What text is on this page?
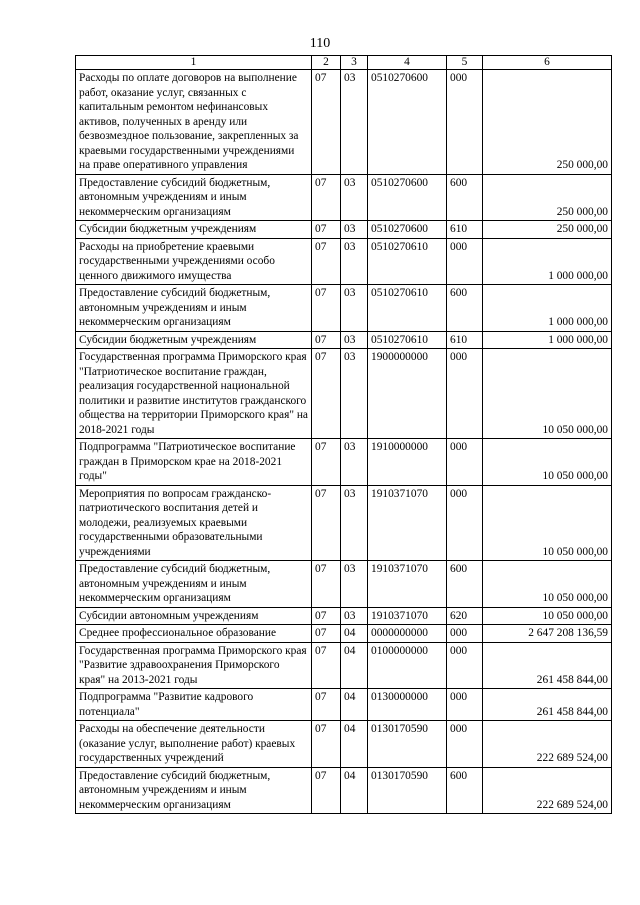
110
1	2	3	4	5	6
Расходы по оплате договоров на выполнение работ, оказание услуг, связанных с капитальным ремонтом нефинансовых активов, полученных в аренду или безвозмездное пользование, закрепленных за краевыми государственными учреждениями на праве оперативного управления	07	03	0510270600	000	250 000,00
Предоставление субсидий бюджетным, автономным учреждениям и иным некоммерческим организациям	07	03	0510270600	600	250 000,00
Субсидии бюджетным учреждениям	07	03	0510270600	610	250 000,00
Расходы на приобретение краевыми государственными учреждениями особо ценного движимого имущества	07	03	0510270610	000	1 000 000,00
Предоставление субсидий бюджетным, автономным учреждениям и иным некоммерческим организациям	07	03	0510270610	600	1 000 000,00
Субсидии бюджетным учреждениям	07	03	0510270610	610	1 000 000,00
Государственная программа Приморского края "Патриотическое воспитание граждан, реализация государственной национальной политики и развитие институтов гражданского общества на территории Приморского края" на 2018-2021 годы	07	03	1900000000	000	10 050 000,00
Подпрограмма "Патриотическое воспитание граждан в Приморском крае на 2018-2021 годы"	07	03	1910000000	000	10 050 000,00
Мероприятия по вопросам гражданско-патриотического воспитания детей и молодежи, реализуемых краевыми государственными образовательными учреждениями	07	03	1910371070	000	10 050 000,00
Предоставление субсидий бюджетным, автономным учреждениям и иным некоммерческим организациям	07	03	1910371070	600	10 050 000,00
Субсидии автономным учреждениям	07	03	1910371070	620	10 050 000,00
Среднее профессиональное образование	07	04	0000000000	000	2 647 208 136,59
Государственная программа Приморского края "Развитие здравоохранения Приморского края" на 2013-2021 годы	07	04	0100000000	000	261 458 844,00
Подпрограмма "Развитие кадрового потенциала"	07	04	0130000000	000	261 458 844,00
Расходы на обеспечение деятельности (оказание услуг, выполнение работ) краевых государственных учреждений	07	04	0130170590	000	222 689 524,00
Предоставление субсидий бюджетным, автономным учреждениям и иным некоммерческим организациям	07	04	0130170590	600	222 689 524,00
